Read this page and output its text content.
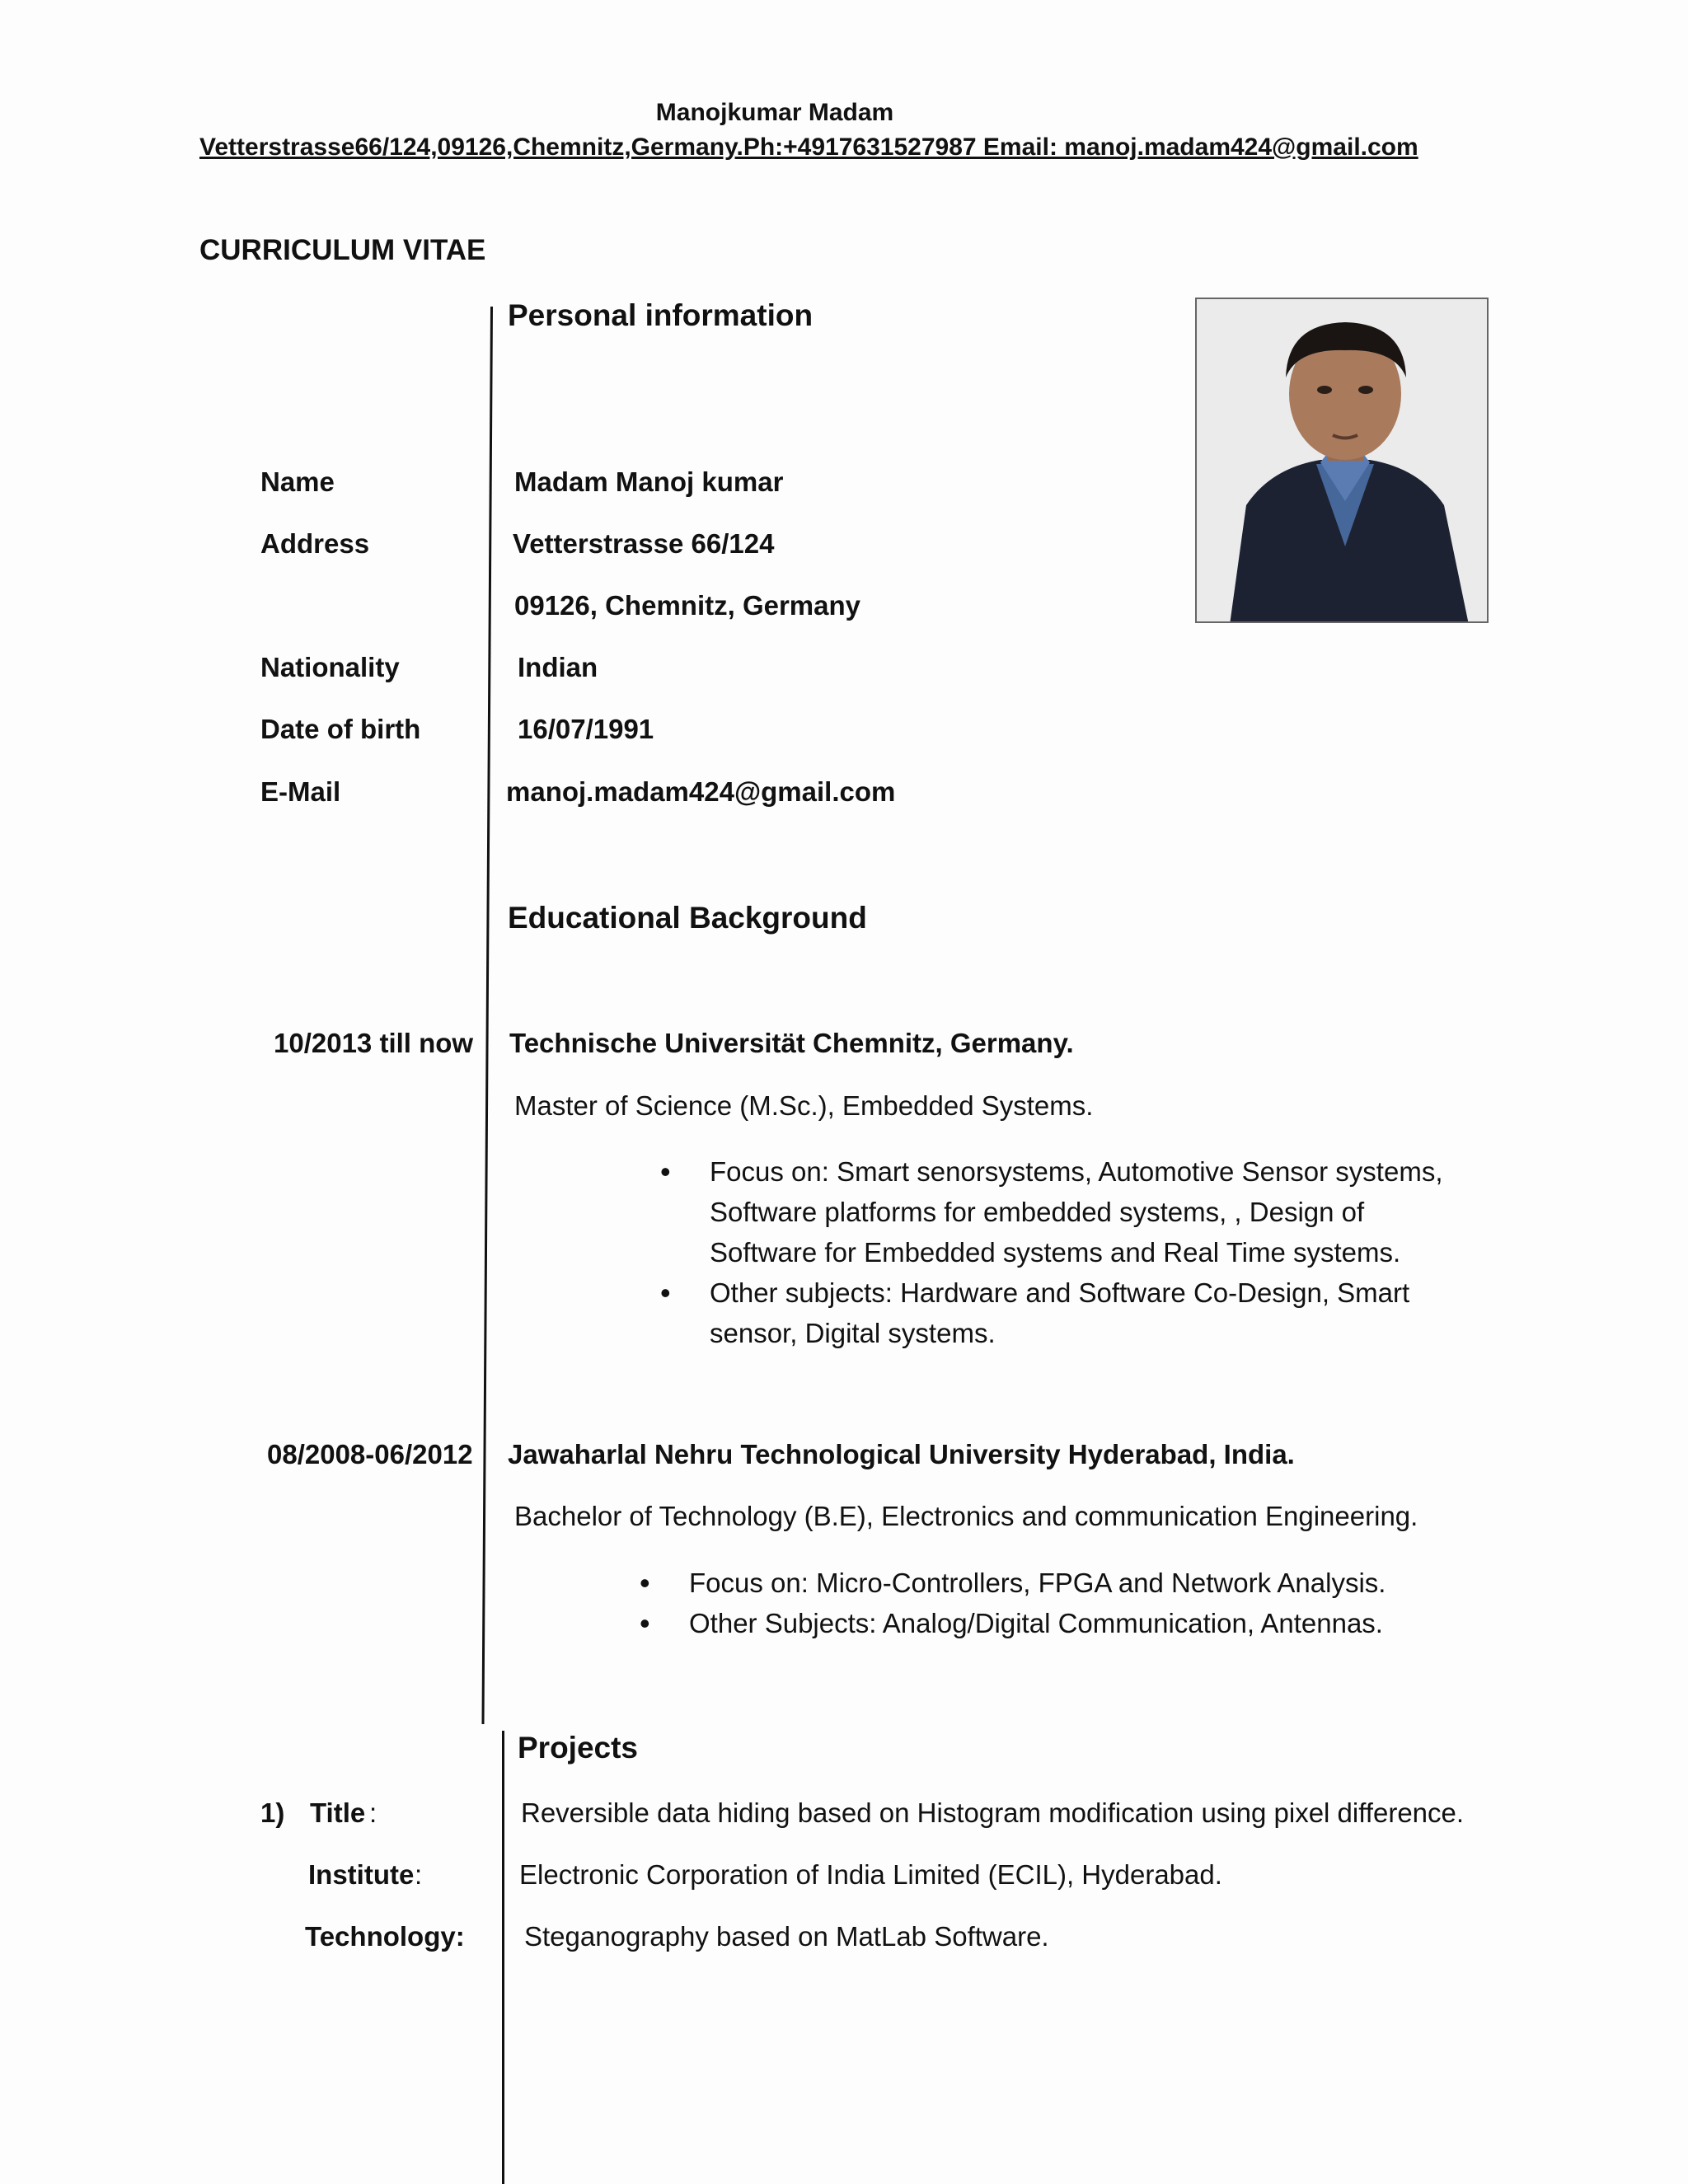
Manojkumar Madam
Vetterstrasse66/124,09126,Chemnitz,Germany.Ph:+4917631527987 Email: manoj.madam424@gmail.com
CURRICULUM VITAE
Personal information
Name	Madam Manoj kumar
Address	Vetterstrasse 66/124
09126, Chemnitz, Germany
Nationality	Indian
Date of birth	16/07/1991
E-Mail	manoj.madam424@gmail.com
Educational Background
10/2013 till now Technische Universität Chemnitz, Germany.
Master of Science (M.Sc.), Embedded Systems.
• Focus on: Smart senorsystems, Automotive Sensor systems, Software platforms for embedded systems, , Design of Software for Embedded systems and Real Time systems.
• Other subjects: Hardware and Software Co-Design, Smart sensor, Digital systems.
08/2008-06/2012 Jawaharlal Nehru Technological University Hyderabad, India.
Bachelor of Technology (B.E), Electronics and communication Engineering.
• Focus on: Micro-Controllers, FPGA and Network Analysis.
• Other Subjects: Analog/Digital Communication, Antennas.
Projects
1) Title :	Reversible data hiding based on Histogram modification using pixel difference.
Institute :	Electronic Corporation of India Limited (ECIL), Hyderabad.
Technology: Steganography based on MatLab Software.
